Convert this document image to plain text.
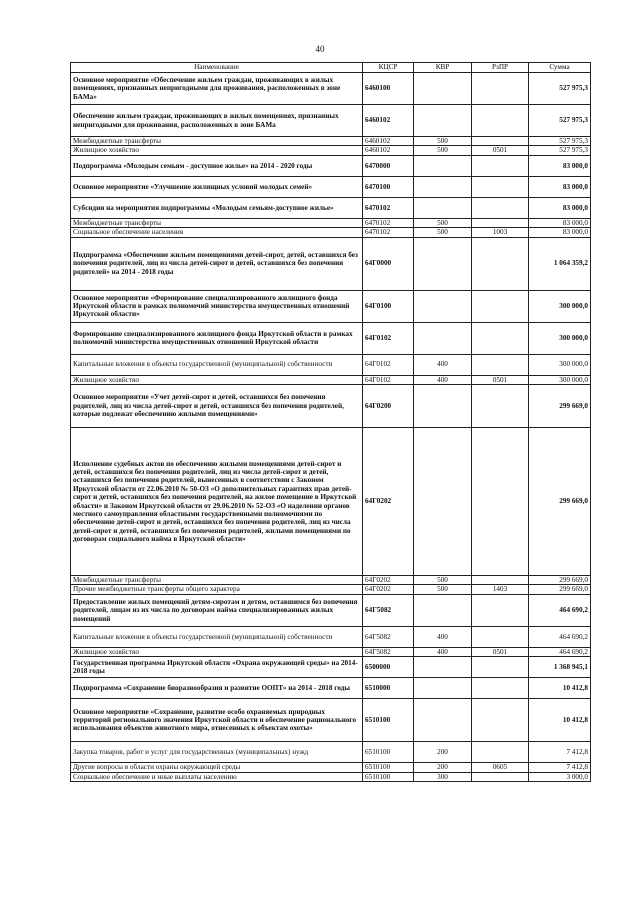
40
Наименование	КЦСР	КВР	РзПР	Сумма
Основное мероприятие «Обеспечение жильем граждан, проживающих в жилых помещениях, признанных непригодными для проживания, расположенных в зоне БАМа»	6460100			527 975,3
Обеспечение жильем граждан, проживающих в жилых помещениях, признанных непригодными для проживания, расположенных в зоне БАМа	6460102			527 975,3
Межбюджетные трансферты	6460102	500		527 975,3
Жилищное хозяйство	6460102	500	0501	527 975,3
Подпрограмма «Молодым семьям - доступное жилье» на 2014 - 2020 годы	6470000			83 000,0
Основное мероприятие «Улучшение жилищных условий молодых семей»	6470100			83 000,0
Субсидии на мероприятия подпрограммы «Молодым семьям-доступное жилье»	6470102			83 000,0
Межбюджетные трансферты	6470102	500		83 000,0
Социальное обеспечение населения	6470102	500	1003	83 000,0
Подпрограмма «Обеспечение жильем помещениями детей-сирот, детей, оставшихся без попечения родителей, лиц из числа детей-сирот и детей, оставшихся без попечения родителей» на 2014 - 2018 годы	64Г0000			1 064 359,2
Основное мероприятие «Формирование специализированного жилищного фонда Иркутской области в рамках полномочий министерства имущественных отношений Иркутской области»	64Г0100			300 000,0
Формирование специализированного жилищного фонда Иркутской области в рамках полномочий министерства имущественных отношений Иркутской области	64Г0102			300 000,0
Капитальные вложения в объекты государственной (муниципальной) собственности	64Г0102	400		300 000,0
Жилищное хозяйство	64Г0102	400	0501	300 000,0
Основное мероприятие «Учет детей-сирот и детей, оставшихся без попечения родителей, лиц из числа детей-сирот и детей, оставшихся без попечения родителей, которые подлежат обеспечению жилыми помещениями»	64Г0200			299 669,0
Исполнение судебных актов по обеспечению жилыми помещениями детей-сирот и детей, оставшихся без попечения родителей, лиц из числа детей-сирот и детей, оставшихся без попечения родителей, вынесенных в соответствии с Законом Иркутской области от 22.06.2010 № 50-ОЗ «О дополнительных гарантиях прав детей-сирот и детей, оставшихся без попечения родителей, на жилое помещение в Иркутской области» и Законом Иркутской области от 29.06.2010 № 52-ОЗ «О наделении органов местного самоуправления областными государственными полномочиями по обеспечению детей-сирот и детей, оставшихся без попечения родителей, лиц из числа детей-сирот и детей, оставшихся без попечения родителей, жилыми помещениями по договорам социального найма в Иркутской области»	64Г0202			299 669,0
Межбюджетные трансферты	64Г0202	500		299 669,0
Прочие межбюджетные трансферты общего характера	64Г0202	500	1403	299 669,0
Предоставление жилых помещений детям-сиротам и детям, оставшимся без попечения родителей, лицам из их числа по договорам найма специализированных жилых помещений	64Г5082			464 690,2
Капитальные вложения в объекты государственной (муниципальной) собственности	64Г5082	400		464 690,2
Жилищное хозяйство	64Г5082	400	0501	464 690,2
Государственная программа Иркутской области «Охрана окружающей среды» на 2014-2018 годы	6500000			1 368 945,1
Подпрограмма «Сохранение биоразнообразия и развитие ООПТ» на 2014 - 2018 годы	6510000			10 412,8
Основное мероприятие «Сохранение, развитие особо охраняемых природных территорий регионального значения Иркутской области и обеспечение рационального использования объектов животного мира, отнесенных к объектам охоты»	6510100			10 412,8
Закупка товаров, работ и услуг для государственных (муниципальных) нужд	6510100	200		7 412,8
Другие вопросы в области охраны окружающей среды	6510100	200	0605	7 412,8
Социальное обеспечение и иные выплаты населению	6510100	300		3 000,0
